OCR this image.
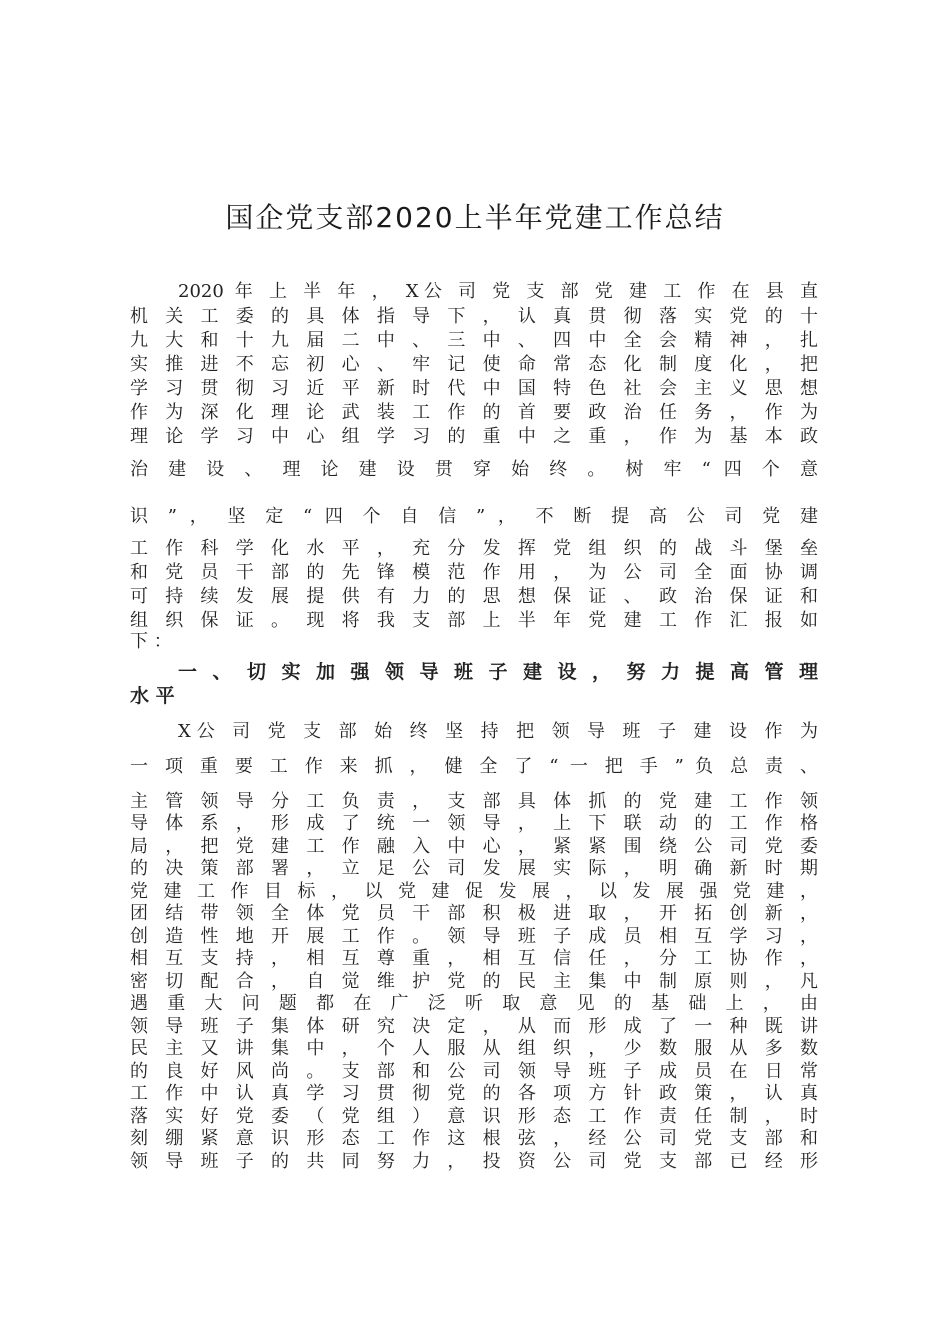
国企党支部2020上半年党建工作总结

2020 年 上 半 年 ， X公 司 党 支 部 党 建 工 作 在 县 直

机 关 工 委 的 具 体 指 导 下 ， 认 真 贯 彻 落 实 党 的 十

九 大 和 十 九 届 二 中 、 三 中 、 四 中 全 会 精 神 ， 扎

实 推 进 不 忘 初 心 、 牢 记 使 命 常 态 化 制 度 化 ， 把

学 习 贯 彻 习 近 平 新 时 代 中 国 特 色 社 会 主 义 思 想

作 为 深 化 理 论 武 装 工 作 的 首 要 政 治 任 务 ， 作 为

理 论 学 习 中 心 组 学 习 的 重 中 之 重 ， 作 为 基 本 政

治 建 设 、 理 论 建 设 贯 穿 始 终 。 树 牢 “ 四 个 意

识 ” ， 坚 定 “ 四 个 自 信 ” ， 不 断 提 高 公 司 党 建

工 作 科 学 化 水 平 ， 充 分 发 挥 党 组 织 的 战 斗 堡 垒

和 党 员 干 部 的 先 锋 模 范 作 用 ， 为 公 司 全 面 协 调

可 持 续 发 展 提 供 有 力 的 思 想 保 证 、 政 治 保 证 和

组 织 保 证 。 现 将 我 支 部 上 半 年 党 建 工 作 汇 报 如

下 ：

一 、 切 实 加 强 领 导 班 子 建 设 ， 努 力 提 高 管 理

水 平

X公 司 党 支 部 始 终 坚 持 把 领 导 班 子 建 设 作 为

一 项 重 要 工 作 来 抓 ， 健 全 了 “ 一 把 手 ” 负 总 责 、

主 管 领 导 分 工 负 责 ， 支 部 具 体 抓 的 党 建 工 作 领

导 体 系 ， 形 成 了 统 一 领 导 ， 上 下 联 动 的 工 作 格

局 ， 把 党 建 工 作 融 入 中 心 ， 紧 紧 围 绕 公 司 党 委

的 决 策 部 署 ， 立 足 公 司 发 展 实 际 ， 明 确 新 时 期

党 建 工 作 目 标 ， 以 党 建 促 发 展 ， 以 发 展 强 党 建 ，

团 结 带 领 全 体 党 员 干 部 积 极 进 取 ， 开 拓 创 新 ，

创 造 性 地 开 展 工 作 。 领 导 班 子 成 员 相 互 学 习 ，

相 互 支 持 ， 相 互 尊 重 ， 相 互 信 任 ， 分 工 协 作 ，

密 切 配 合 ， 自 觉 维 护 党 的 民 主 集 中 制 原 则 ， 凡

遇 重 大 问 题 都 在 广 泛 听 取 意 见 的 基 础 上 ， 由

领 导 班 子 集 体 研 究 决 定 ， 从 而 形 成 了 一 种 既 讲

民 主 又 讲 集 中 ， 个 人 服 从 组 织 ， 少 数 服 从 多 数

的 良 好 风 尚 。 支 部 和 公 司 领 导 班 子 成 员 在 日 常

工 作 中 认 真 学 习 贯 彻 党 的 各 项 方 针 政 策 ， 认 真

落 实 好 党 委 （ 党 组 ） 意 识 形 态 工 作 责 任 制 ， 时

刻 绷 紧 意 识 形 态 工 作 这 根 弦 ， 经 公 司 党 支 部 和

领 导 班 子 的 共 同 努 力 ， 投 资 公 司 党 支 部 已 经 形
